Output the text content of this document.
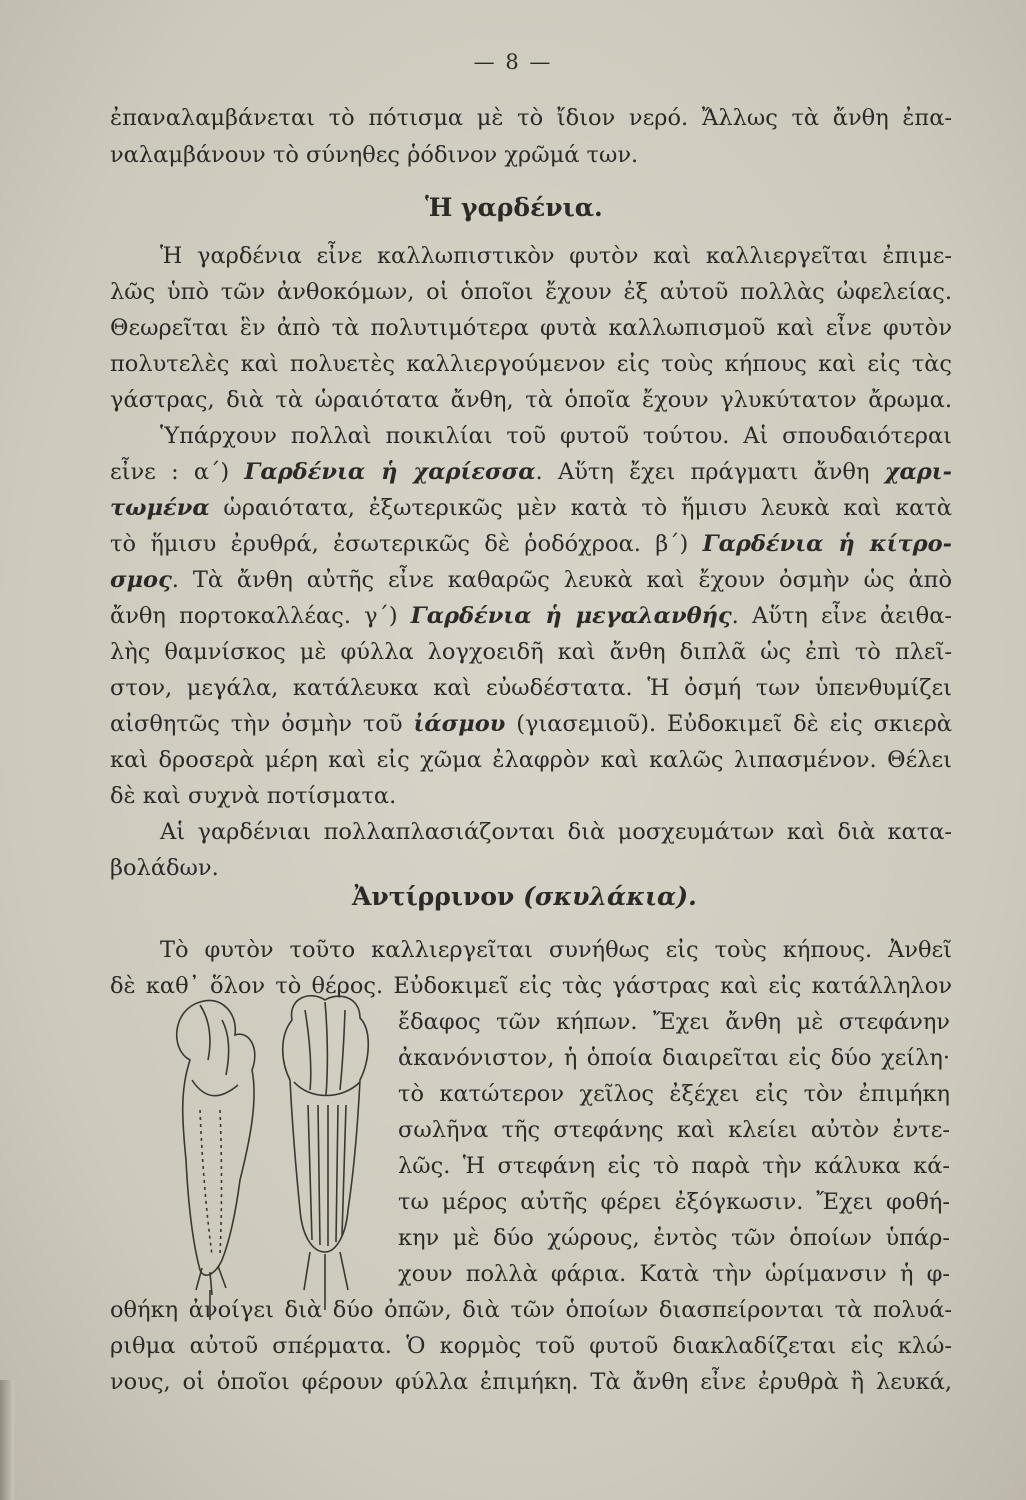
— 8 —
ἐπαναλαμβάνεται τὸ πότισμα μὲ τὸ ἴδιον νερό. Ἄλλως τὰ ἄνθη ἐπα-
ναλαμβάνουν τὸ σύνηθες ῥόδινον χρῶμά των.
Ἡ γαρδένια.
Ἡ γαρδένια εἶνε καλλωπιστικὸν φυτὸν καὶ καλλιεργεῖται ἐπιμε-
λῶς ὑπὸ τῶν ἀνθοκόμων, οἱ ὁποῖοι ἔχουν ἐξ αὐτοῦ πολλὰς ὠφελείας.
Θεωρεῖται ἓν ἀπὸ τὰ πολυτιμότερα φυτὰ καλλωπισμοῦ καὶ εἶνε φυτὸν
πολυτελὲς καὶ πολυετὲς καλλιεργούμενον εἰς τοὺς κήπους καὶ εἰς τὰς
γάστρας, διὰ τὰ ὡραιότατα ἄνθη, τὰ ὁποῖα ἔχουν γλυκύτατον ἄρωμα.
Ὑπάρχουν πολλαὶ ποικιλίαι τοῦ φυτοῦ τούτου. Αἱ σπουδαιότεραι
εἶνε : α´) Γαρδένια ἡ χαρίεσσα. Αὕτη ἔχει πράγματι ἄνθη χαρι-
τωμένα ὡραιότατα, ἐξωτερικῶς μὲν κατὰ τὸ ἥμισυ λευκὰ καὶ κατὰ
τὸ ἥμισυ ἐρυθρά, ἐσωτερικῶς δὲ ῥοδόχροα. β´) Γαρδένια ἡ κίτρο-
σμος. Τὰ ἄνθη αὐτῆς εἶνε καθαρῶς λευκὰ καὶ ἔχουν ὀσμὴν ὡς ἀπὸ
ἄνθη πορτοκαλλέας. γ´) Γαρδένια ἡ μεγαλανθής. Αὕτη εἶνε ἀειθα-
λὴς θαμνίσκος μὲ φύλλα λογχοειδῆ καὶ ἄνθη διπλᾶ ὡς ἐπὶ τὸ πλεῖ-
στον, μεγάλα, κατάλευκα καὶ εὐωδέστατα. Ἡ ὀσμή των ὑπενθυμίζει
αἰσθητῶς τὴν ὀσμὴν τοῦ ἰάσμου (γιασεμιοῦ). Εὐδοκιμεῖ δὲ εἰς σκιερὰ
καὶ δροσερὰ μέρη καὶ εἰς χῶμα ἐλαφρὸν καὶ καλῶς λιπασμένον. Θέλει
δὲ καὶ συχνὰ ποτίσματα.
Αἱ γαρδένιαι πολλαπλασιάζονται διὰ μοσχευμάτων καὶ διὰ κατα-
βολάδων.
Ἀντίρρινον (σκυλάκια).
Τὸ φυτὸν τοῦτο καλλιεργεῖται συνήθως εἰς τοὺς κήπους. Ἀνθεῖ
δὲ καθ᾽ ὅλον τὸ θέρος. Εὐδοκιμεῖ εἰς τὰς γάστρας καὶ εἰς κατάλληλον
ἔδαφος τῶν κήπων. Ἔχει ἄνθη μὲ στεφάνην
ἀκανόνιστον, ἡ ὁποία διαιρεῖται εἰς δύο χείλη·
τὸ κατώτερον χεῖλος ἐξέχει εἰς τὸν ἐπιμήκη
σωλῆνα τῆς στεφάνης καὶ κλείει αὐτὸν ἐντε-
λῶς. Ἡ στεφάνη εἰς τὸ παρὰ τὴν κάλυκα κά-
τω μέρος αὐτῆς φέρει ἐξόγκωσιν. Ἔχει φοθή-
κην μὲ δύο χώρους, ἐντὸς τῶν ὁποίων ὑπάρ-
χουν πολλὰ φάρια. Κατὰ τὴν ὡρίμανσιν ἡ φ-
οθήκη ἀνοίγει διὰ δύο ὀπῶν, διὰ τῶν ὁποίων διασπείρονται τὰ πολυά-
ριθμα αὐτοῦ σπέρματα. Ὁ κορμὸς τοῦ φυτοῦ διακλαδίζεται εἰς κλώ-
νους, οἱ ὁποῖοι φέρουν φύλλα ἐπιμήκη. Τὰ ἄνθη εἶνε ἐρυθρὰ ἢ λευκά,
